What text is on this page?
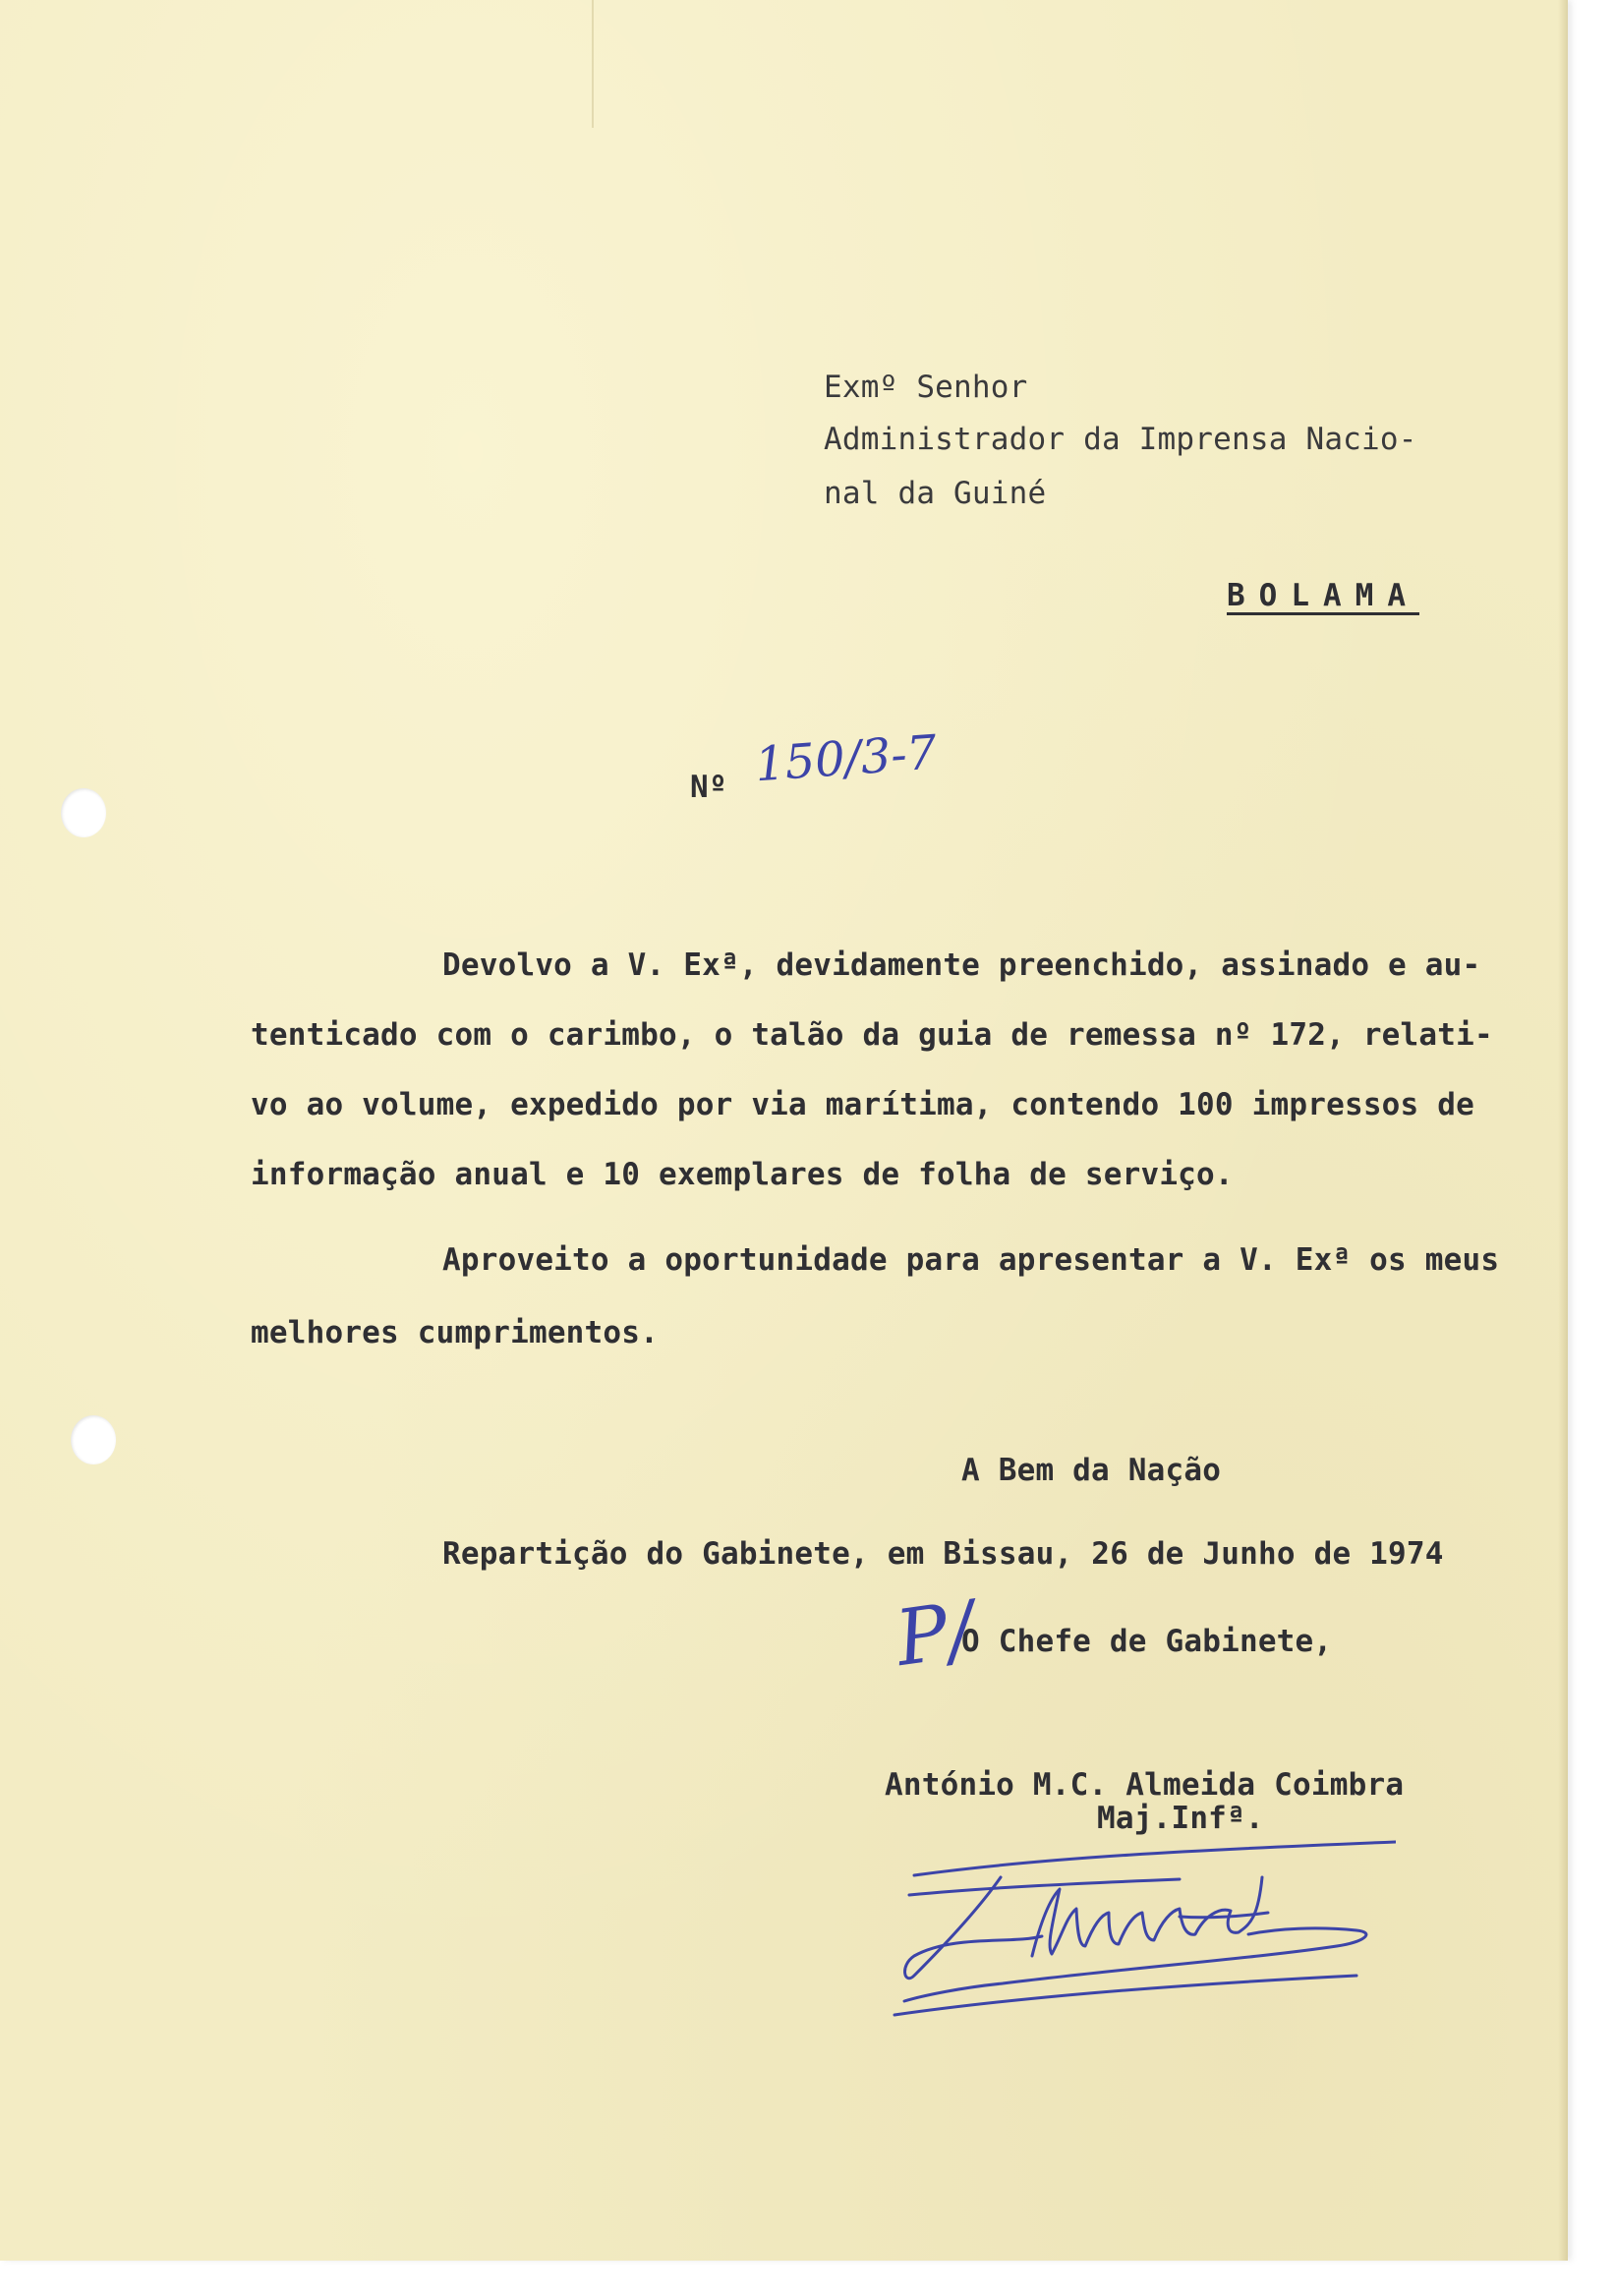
Exmº Senhor
Administrador da Imprensa Nacio-
nal da Guiné
BOLAMA
Nº 150/3-7
Devolvo a V. Exª, devidamente preenchido, assinado e au-
tenticado com o carimbo, o talão da guia de remessa nº 172, relati-
vo ao volume, expedido por via marítima, contendo 100 impressos de
informação anual e 10 exemplares de folha de serviço.
Aproveito a oportunidade para apresentar a V. Exª os meus
melhores cumprimentos.
A Bem da Nação
Repartição do Gabinete, em Bissau, 26 de Junho de 1974
P/
O Chefe de Gabinete,
António M.C. Almeida Coimbra
Maj.Infª.
